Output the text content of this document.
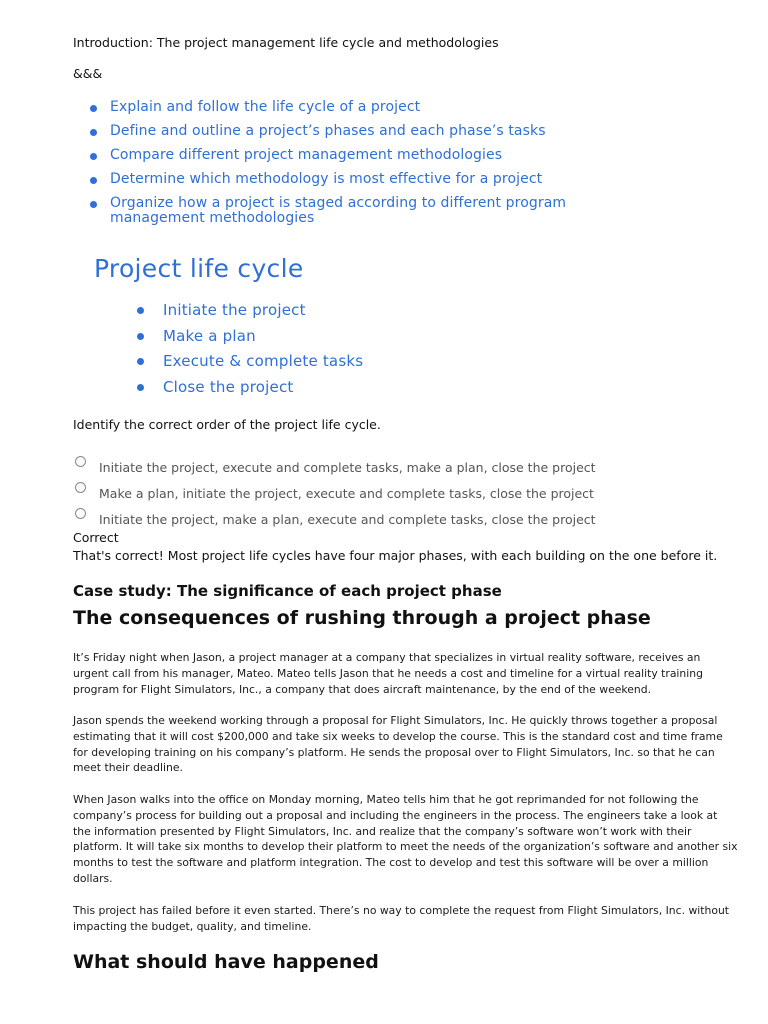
Introduction: The project management life cycle and methodologies
&&&
Explain and follow the life cycle of a project
Define and outline a project’s phases and each phase’s tasks
Compare different project management methodologies
Determine which methodology is most effective for a project
Organize how a project is staged according to different program management methodologies
Project life cycle
Initiate the project
Make a plan
Execute & complete tasks
Close the project
Identify the correct order of the project life cycle.
Initiate the project, execute and complete tasks, make a plan, close the project
Make a plan, initiate the project, execute and complete tasks, close the project
Initiate the project, make a plan, execute and complete tasks, close the project
Correct
That's correct! Most project life cycles have four major phases, with each building on the one before it.
Case study: The significance of each project phase
The consequences of rushing through a project phase
It’s Friday night when Jason, a project manager at a company that specializes in virtual reality software, receives an urgent call from his manager, Mateo. Mateo tells Jason that he needs a cost and timeline for a virtual reality training program for Flight Simulators, Inc., a company that does aircraft maintenance, by the end of the weekend.
Jason spends the weekend working through a proposal for Flight Simulators, Inc. He quickly throws together a proposal estimating that it will cost $200,000 and take six weeks to develop the course. This is the standard cost and time frame for developing training on his company’s platform. He sends the proposal over to Flight Simulators, Inc. so that he can meet their deadline.
When Jason walks into the office on Monday morning, Mateo tells him that he got reprimanded for not following the company’s process for building out a proposal and including the engineers in the process. The engineers take a look at the information presented by Flight Simulators, Inc. and realize that the company’s software won’t work with their platform. It will take six months to develop their platform to meet the needs of the organization’s software and another six months to test the software and platform integration. The cost to develop and test this software will be over a million dollars.
This project has failed before it even started. There’s no way to complete the request from Flight Simulators, Inc. without impacting the budget, quality, and timeline.
What should have happened
